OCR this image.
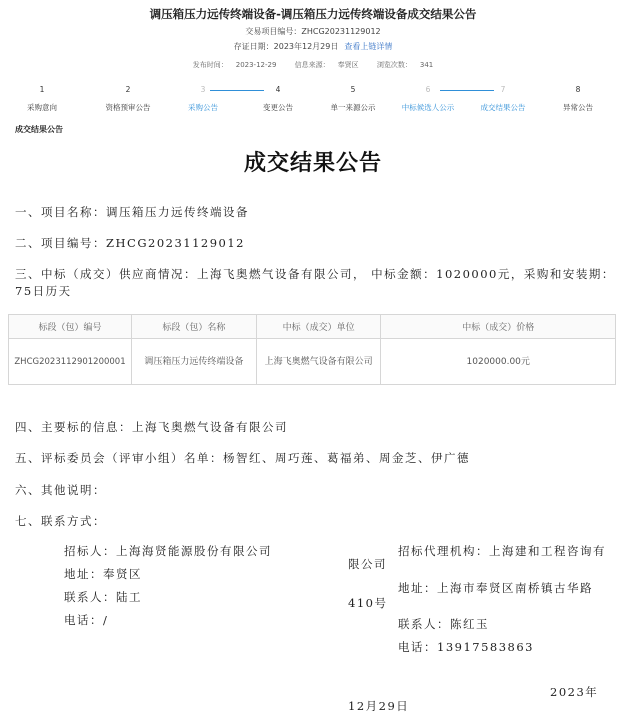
调压箱压力远传终端设备-调压箱压力远传终端设备成交结果公告
交易项目编号：ZHCG20231129012
存证日期：2023年12月29日 查看上链详情
发布时间： 2023-12-29	信息来源： 奉贤区	浏览次数： 341
1
采购意向
2
资格预审公告
3
采购公告
4
变更公告
5
单一来源公示
6
中标候选人公示
7
成交结果公告
8
异常公告
成交结果公告
成交结果公告
一、项目名称：调压箱压力远传终端设备
二、项目编号：ZHCG20231129012
三、中标（成交）供应商情况：上海飞奥燃气设备有限公司， 中标金额：1020000元，采购和安装期：75日历天
标段（包）编号	标段（包）名称	中标（成交）单位	中标（成交）价格
ZHCG2023112901200001	调压箱压力远传终端设备	上海飞奥燃气设备有限公司	1020000.00元
四、主要标的信息：上海飞奥燃气设备有限公司
五、评标委员会（评审小组）名单：杨智红、周巧莲、葛福弟、周金芝、伊广德
六、其他说明：
七、联系方式：
招标人：上海海贤能源股份有限公司
地址：奉贤区
联系人：陆工
电话：/
招标代理机构：上海建和工程咨询有
限公司
地址：上海市奉贤区南桥镇古华路
410号
联系人：陈红玉
电话：13917583863
2023年
12月29日
